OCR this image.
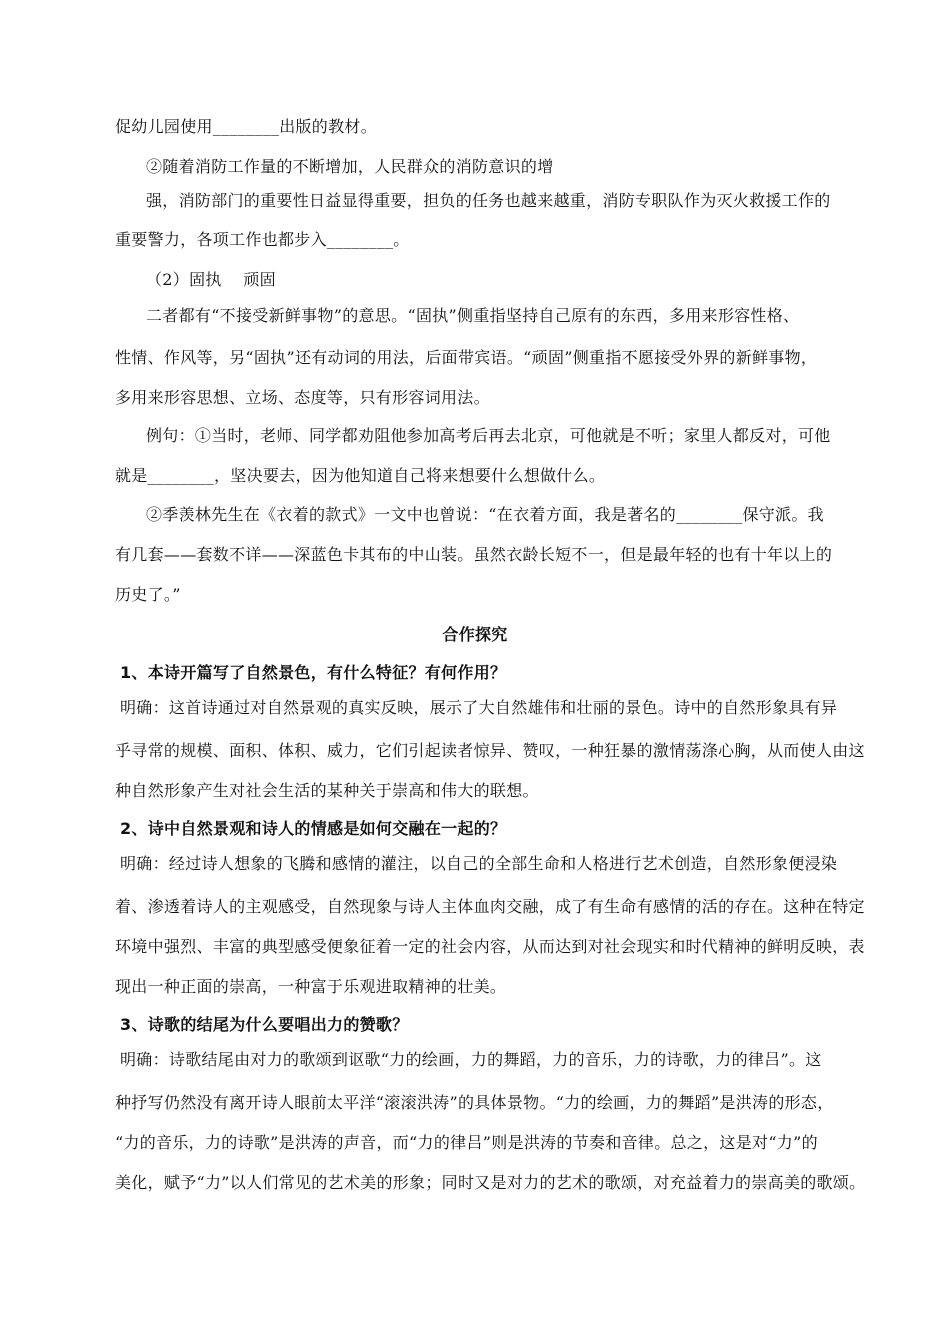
促幼儿园使用________出版的教材。
②随着消防工作量的不断增加，人民群众的消防意识的增
强，消防部门的重要性日益显得重要，担负的任务也越来越重，消防专职队作为灭火救援工作的
重要警力，各项工作也都步入________。
（2）固执　 顽固
二者都有“不接受新鲜事物”的意思。“固执”侧重指坚持自己原有的东西，多用来形容性格、
性情、作风等，另“固执”还有动词的用法，后面带宾语。“顽固”侧重指不愿接受外界的新鲜事物，
多用来形容思想、立场、态度等，只有形容词用法。
例句：①当时，老师、同学都劝阻他参加高考后再去北京，可他就是不听；家里人都反对，可他
就是________，坚决要去，因为他知道自己将来想要什么想做什么。
②季羡林先生在《衣着的款式》一文中也曾说：“在衣着方面，我是著名的________保守派。我
有几套——套数不详——深蓝色卡其布的中山装。虽然衣龄长短不一，但是最年轻的也有十年以上的
历史了。”
合作探究
1、本诗开篇写了自然景色，有什么特征？有何作用？
明确：这首诗通过对自然景观的真实反映，展示了大自然雄伟和壮丽的景色。诗中的自然形象具有异
乎寻常的规模、面积、体积、威力，它们引起读者惊异、赞叹，一种狂暴的激情荡涤心胸，从而使人由这
种自然形象产生对社会生活的某种关于崇高和伟大的联想。
2、诗中自然景观和诗人的情感是如何交融在一起的？
明确：经过诗人想象的飞腾和感情的灌注，以自己的全部生命和人格进行艺术创造，自然形象便浸染
着、渗透着诗人的主观感受，自然现象与诗人主体血肉交融，成了有生命有感情的活的存在。这种在特定
环境中强烈、丰富的典型感受便象征着一定的社会内容，从而达到对社会现实和时代精神的鲜明反映，表
现出一种正面的崇高，一种富于乐观进取精神的壮美。
3、诗歌的结尾为什么要唱出力的赞歌？
明确：诗歌结尾由对力的歌颂到讴歌“力的绘画，力的舞蹈，力的音乐，力的诗歌，力的律吕”。这
种抒写仍然没有离开诗人眼前太平洋“滚滚洪涛”的具体景物。“力的绘画，力的舞蹈”是洪涛的形态，
“力的音乐，力的诗歌”是洪涛的声音，而“力的律吕”则是洪涛的节奏和音律。总之，这是对“力”的
美化，赋予“力”以人们常见的艺术美的形象；同时又是对力的艺术的歌颂，对充益着力的崇高美的歌颂。
